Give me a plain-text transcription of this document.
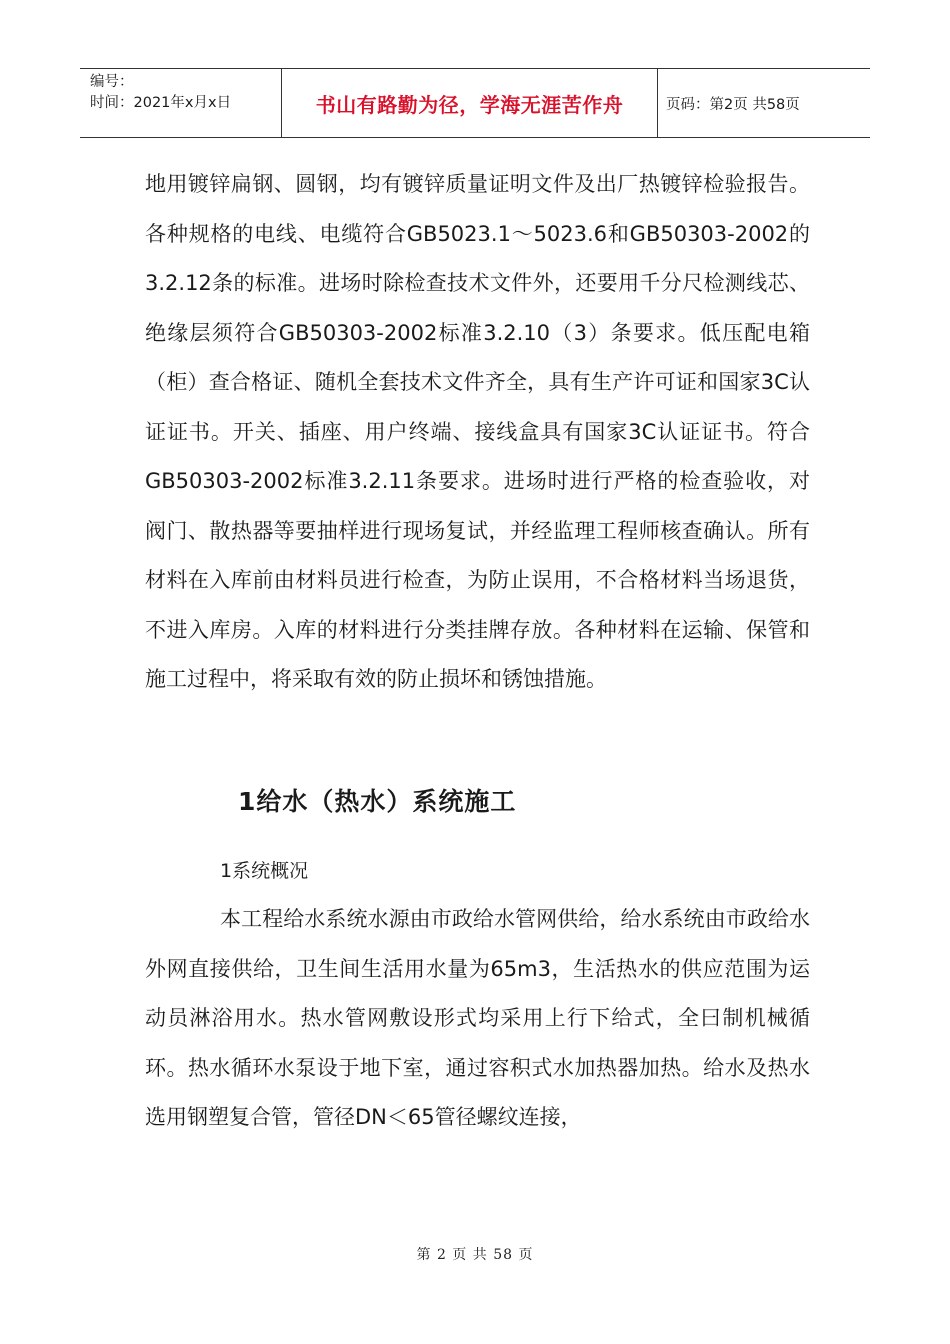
编号：
时间：2021年x月x日	书山有路勤为径，学海无涯苦作舟	页码：第2页 共58页

地用镀锌扁钢、圆钢，均有镀锌质量证明文件及出厂热镀锌检验报告。各种规格的电线、电缆符合GB5023.1～5023.6和GB50303-2002的3.2.12条的标准。进场时除检查技术文件外，还要用千分尺检测线芯、绝缘层须符合GB50303-2002标准3.2.10（3）条要求。低压配电箱（柜）查合格证、随机全套技术文件齐全，具有生产许可证和国家3C认证证书。开关、插座、用户终端、接线盒具有国家3C认证证书。符合GB50303-2002标准3.2.11条要求。进场时进行严格的检查验收，对阀门、散热器等要抽样进行现场复试，并经监理工程师核查确认。所有材料在入库前由材料员进行检查，为防止误用，不合格材料当场退货，不进入库房。入库的材料进行分类挂牌存放。各种材料在运输、保管和施工过程中，将采取有效的防止损坏和锈蚀措施。

1给水（热水）系统施工
1系统概况

本工程给水系统水源由市政给水管网供给，给水系统由市政给水外网直接供给，卫生间生活用水量为65m3，生活热水的供应范围为运动员淋浴用水。热水管网敷设形式均采用上行下给式，全曰制机械循环。热水循环水泵设于地下室，通过容积式水加热器加热。给水及热水选用钢塑复合管，管径DN＜65管径螺纹连接，

第 2 页 共 58 页
